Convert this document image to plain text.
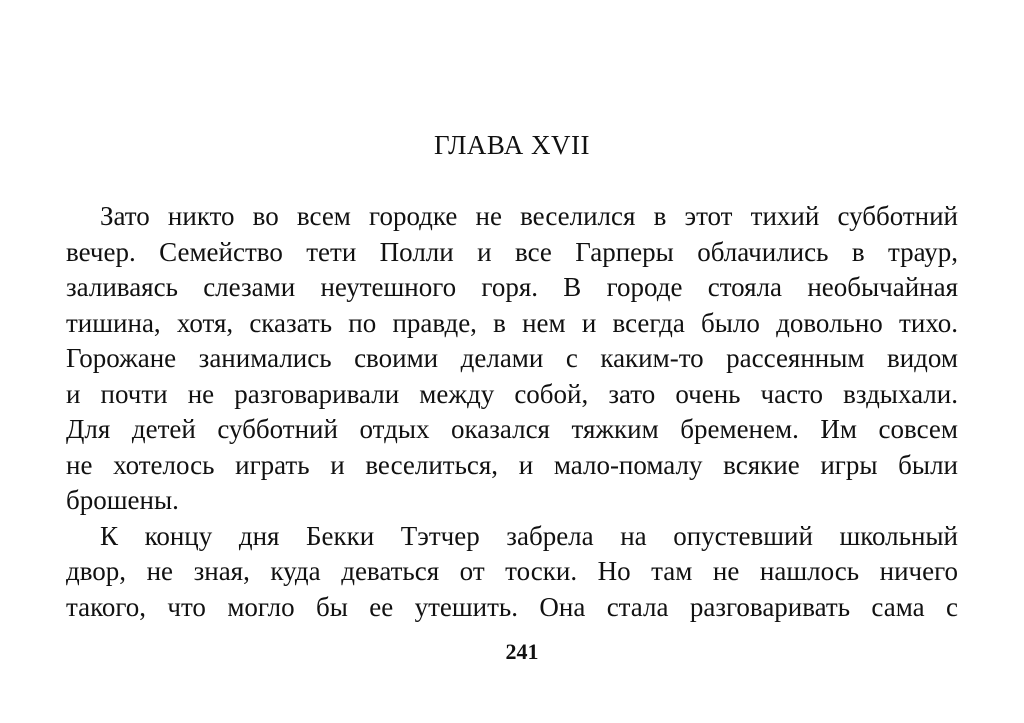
ГЛАВА XVII
Зато никто во всем городке не веселился в этот тихий субботний
вечер. Семейство тети Полли и все Гарперы облачились в траур,
заливаясь слезами неутешного горя. В городе стояла необычайная
тишина, хотя, сказать по правде, в нем и всегда было довольно тихо.
Горожане занимались своими делами с каким-то рассеянным видом
и почти не разговаривали между собой, зато очень часто вздыхали.
Для детей субботний отдых оказался тяжким бременем. Им совсем
не хотелось играть и веселиться, и мало-помалу всякие игры были
брошены.
К концу дня Бекки Тэтчер забрела на опустевший школьный
двор, не зная, куда деваться от тоски. Но там не нашлось ничего
такого, что могло бы ее утешить. Она стала разговаривать сама с
241
